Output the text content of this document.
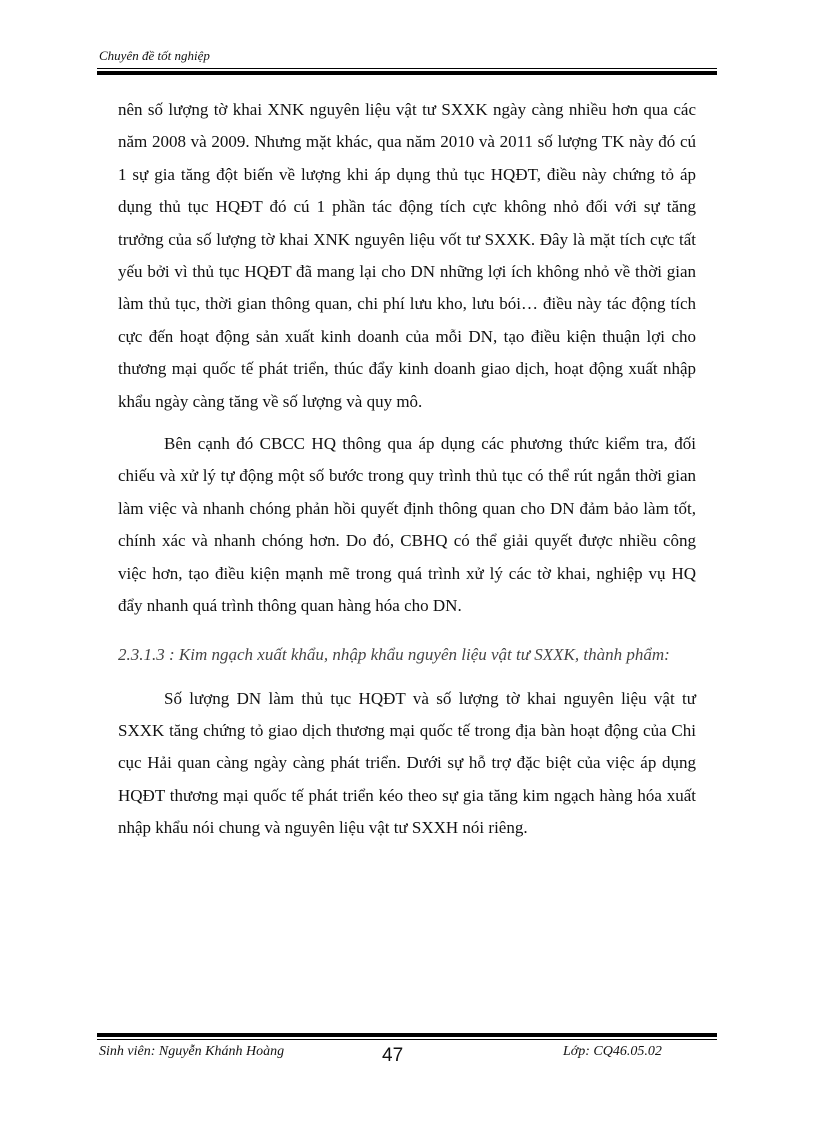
Chuyên đề tốt nghiệp

nên số lượng tờ khai XNK nguyên liệu vật tư SXXK ngày càng nhiều hơn qua các năm 2008 và 2009. Nhưng mặt khác, qua năm 2010 và 2011 số lượng TK này đó cú 1 sự gia tăng đột biến về lượng khi áp dụng thủ tục HQĐT, điều này chứng tỏ áp dụng thủ tục HQĐT đó cú 1 phần tác động tích cực không nhỏ đối với sự tăng trưởng của số lượng tờ khai XNK nguyên liệu vốt tư SXXK. Đây là mặt tích cực tất yếu bởi vì thủ tục HQĐT đã mang lại cho DN những lợi ích không nhỏ về thời gian làm thủ tục, thời gian thông quan, chi phí lưu kho, lưu bói… điều này tác động tích cực đến hoạt động sản xuất kinh doanh của mỗi DN, tạo điều kiện thuận lợi cho thương mại quốc tế phát triển, thúc đẩy kinh doanh giao dịch, hoạt động xuất nhập khẩu ngày càng tăng về số lượng và quy mô.

Bên cạnh đó CBCC HQ thông qua áp dụng các phương thức kiểm tra, đối chiếu và xử lý tự động một số bước trong quy trình thủ tục có thể rút ngắn thời gian làm việc và nhanh chóng phản hồi quyết định thông quan cho DN đảm bảo làm tốt, chính xác và nhanh chóng hơn. Do đó, CBHQ có thể giải quyết được nhiều công việc hơn, tạo điều kiện mạnh mẽ trong quá trình xử lý các tờ khai, nghiệp vụ HQ đẩy nhanh quá trình thông quan hàng hóa cho DN.

2.3.1.3 : Kim ngạch xuất khẩu, nhập khẩu nguyên liệu vật tư SXXK, thành phẩm:

Số lượng DN làm thủ tục HQĐT và số lượng tờ khai nguyên liệu vật tư SXXK tăng chứng tỏ giao dịch thương mại quốc tế trong địa bàn hoạt động của Chi cục Hải quan càng ngày càng phát triển. Dưới sự hỗ trợ đặc biệt của việc áp dụng HQĐT thương mại quốc tế phát triển kéo theo sự gia tăng kim ngạch hàng hóa xuất nhập khẩu nói chung và nguyên liệu vật tư SXXH nói riêng.

Sinh viên: Nguyễn Khánh Hoàng	47	Lớp: CQ46.05.02
